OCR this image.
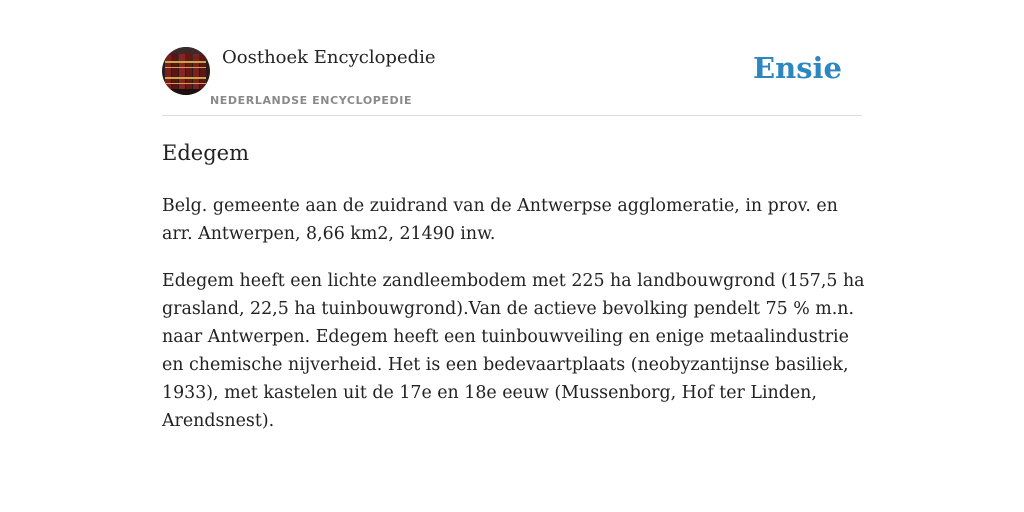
Oosthoek Encyclopedie
NEDERLANDSE ENCYCLOPEDIE
Ensie
Edegem

Belg. gemeente aan de zuidrand van de Antwerpse agglomeratie, in prov. en arr. Antwerpen, 8,66 km2, 21490 inw.

Edegem heeft een lichte zandleembodem met 225 ha landbouwgrond (157,5 ha grasland, 22,5 ha tuinbouwgrond).Van de actieve bevolking pendelt 75 % m.n. naar Antwerpen. Edegem heeft een tuinbouwveiling en enige metaalindustrie en chemische nijverheid. Het is een bedevaartplaats (neobyzantijnse basiliek, 1933), met kastelen uit de 17e en 18e eeuw (Mussenborg, Hof ter Linden, Arendsnest).
